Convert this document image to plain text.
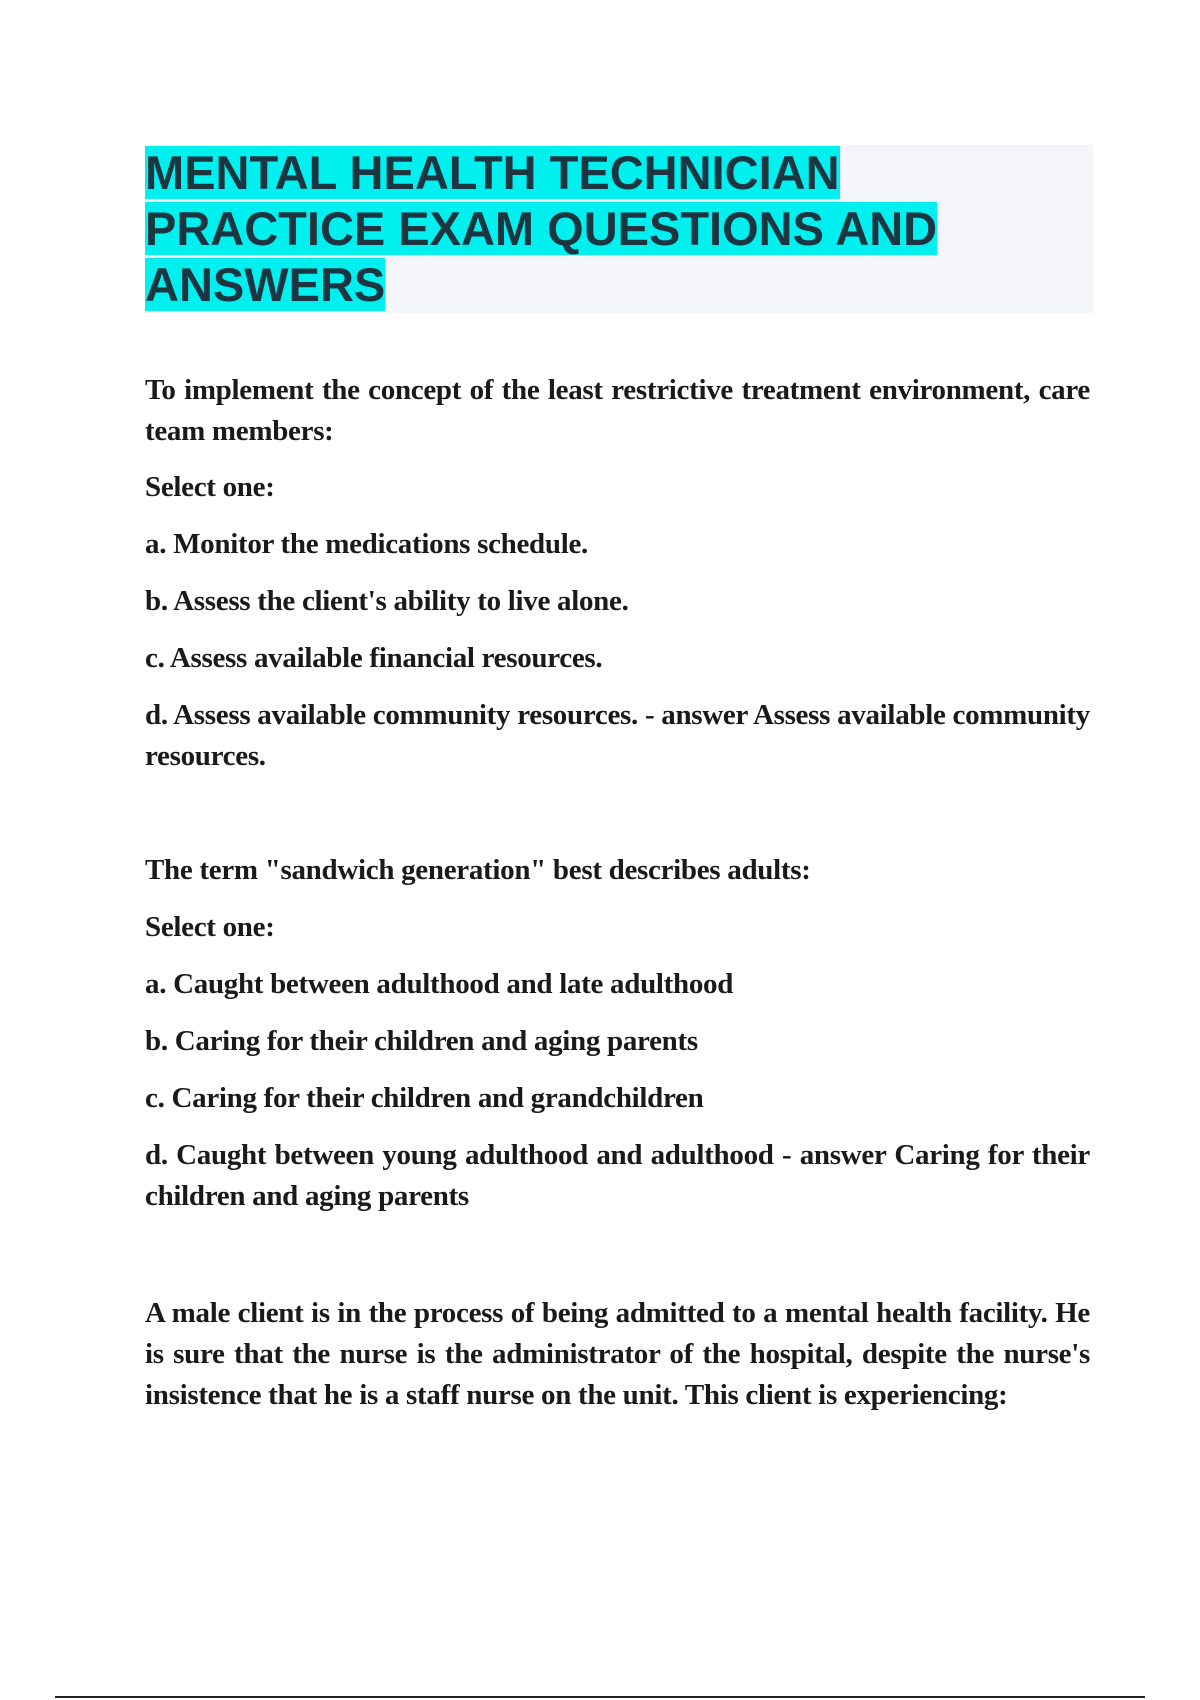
MENTAL HEALTH TECHNICIAN
PRACTICE EXAM QUESTIONS AND
ANSWERS

To implement the concept of the least restrictive treatment environment, care team members:

Select one:

a. Monitor the medications schedule.

b. Assess the client's ability to live alone.

c. Assess available financial resources.

d. Assess available community resources. - answer Assess available community resources.

The term "sandwich generation" best describes adults:

Select one:

a. Caught between adulthood and late adulthood

b. Caring for their children and aging parents

c. Caring for their children and grandchildren

d. Caught between young adulthood and adulthood - answer Caring for their children and aging parents

A male client is in the process of being admitted to a mental health facility. He is sure that the nurse is the administrator of the hospital, despite the nurse's insistence that he is a staff nurse on the unit. This client is experiencing:
